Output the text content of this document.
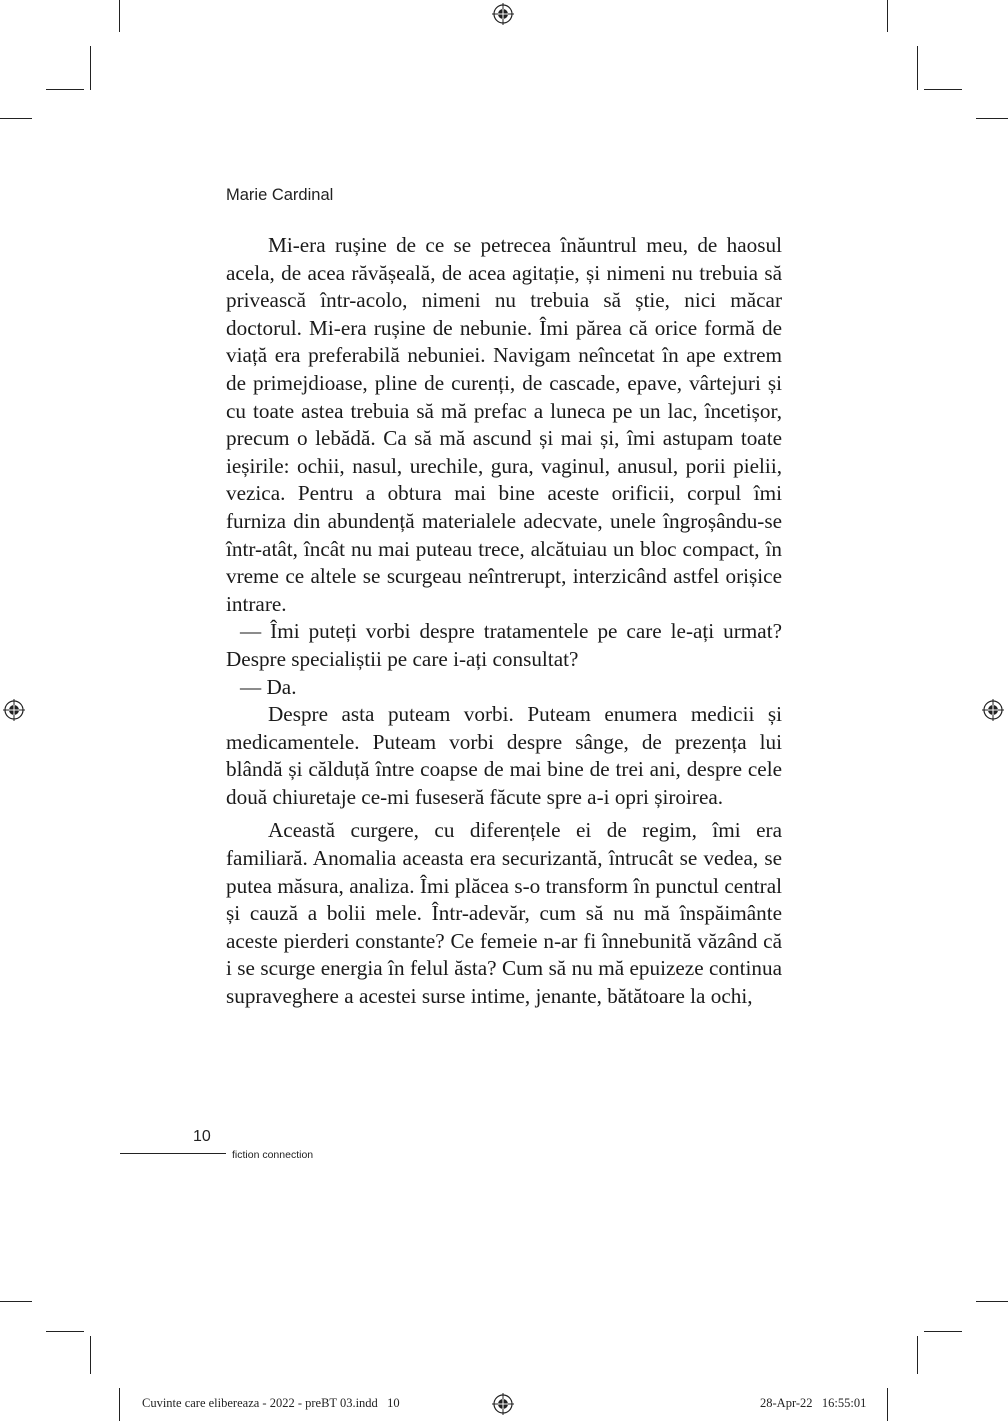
Marie Cardinal

Mi-era rușine de ce se petrecea înăuntrul meu, de haosul acela, de acea răvășeală, de acea agitație, și nimeni nu trebuia să privească într-acolo, nimeni nu trebuia să știe, nici măcar doctorul. Mi-era rușine de nebunie. Îmi părea că orice formă de viață era preferabilă nebuniei. Navigam neîncetat în ape extrem de primejdioase, pline de curenți, de cascade, epave, vârtejuri și cu toate astea trebuia să mă prefac a luneca pe un lac, încetișor, precum o lebădă. Ca să mă ascund și mai și, îmi astupam toate ieșirile: ochii, nasul, urechile, gura, vaginul, anusul, porii pielii, vezica. Pentru a obtura mai bine aceste orificii, corpul îmi furniza din abundență materialele adecvate, unele îngroșându-se într-atât, încât nu mai puteau trece, alcătuiau un bloc compact, în vreme ce altele se scurgeau neîntrerupt, interzicând astfel orișice intrare.

— Îmi puteți vorbi despre tratamentele pe care le-ați urmat? Despre specialiștii pe care i-ați consultat?

— Da.

Despre asta puteam vorbi. Puteam enumera medicii și medicamentele. Puteam vorbi despre sânge, de prezența lui blândă și călduță între coapse de mai bine de trei ani, despre cele două chiuretaje ce-mi fuseseră făcute spre a-i opri șiroirea.

Această curgere, cu diferențele ei de regim, îmi era familiară. Anomalia aceasta era securizantă, întrucât se vedea, se putea măsura, analiza. Îmi plăcea s-o transform în punctul central și cauză a bolii mele. Într-adevăr, cum să nu mă înspăimânte aceste pierderi constante? Ce femeie n-ar fi înnebunită văzând că i se scurge energia în felul ăsta? Cum să nu mă epuizeze continua supraveghere a acestei surse intime, jenante, bătătoare la ochi,

10
fiction connection
Cuvinte care elibereaza - 2022 - preBT 03.indd   10	28-Apr-22   16:55:01
